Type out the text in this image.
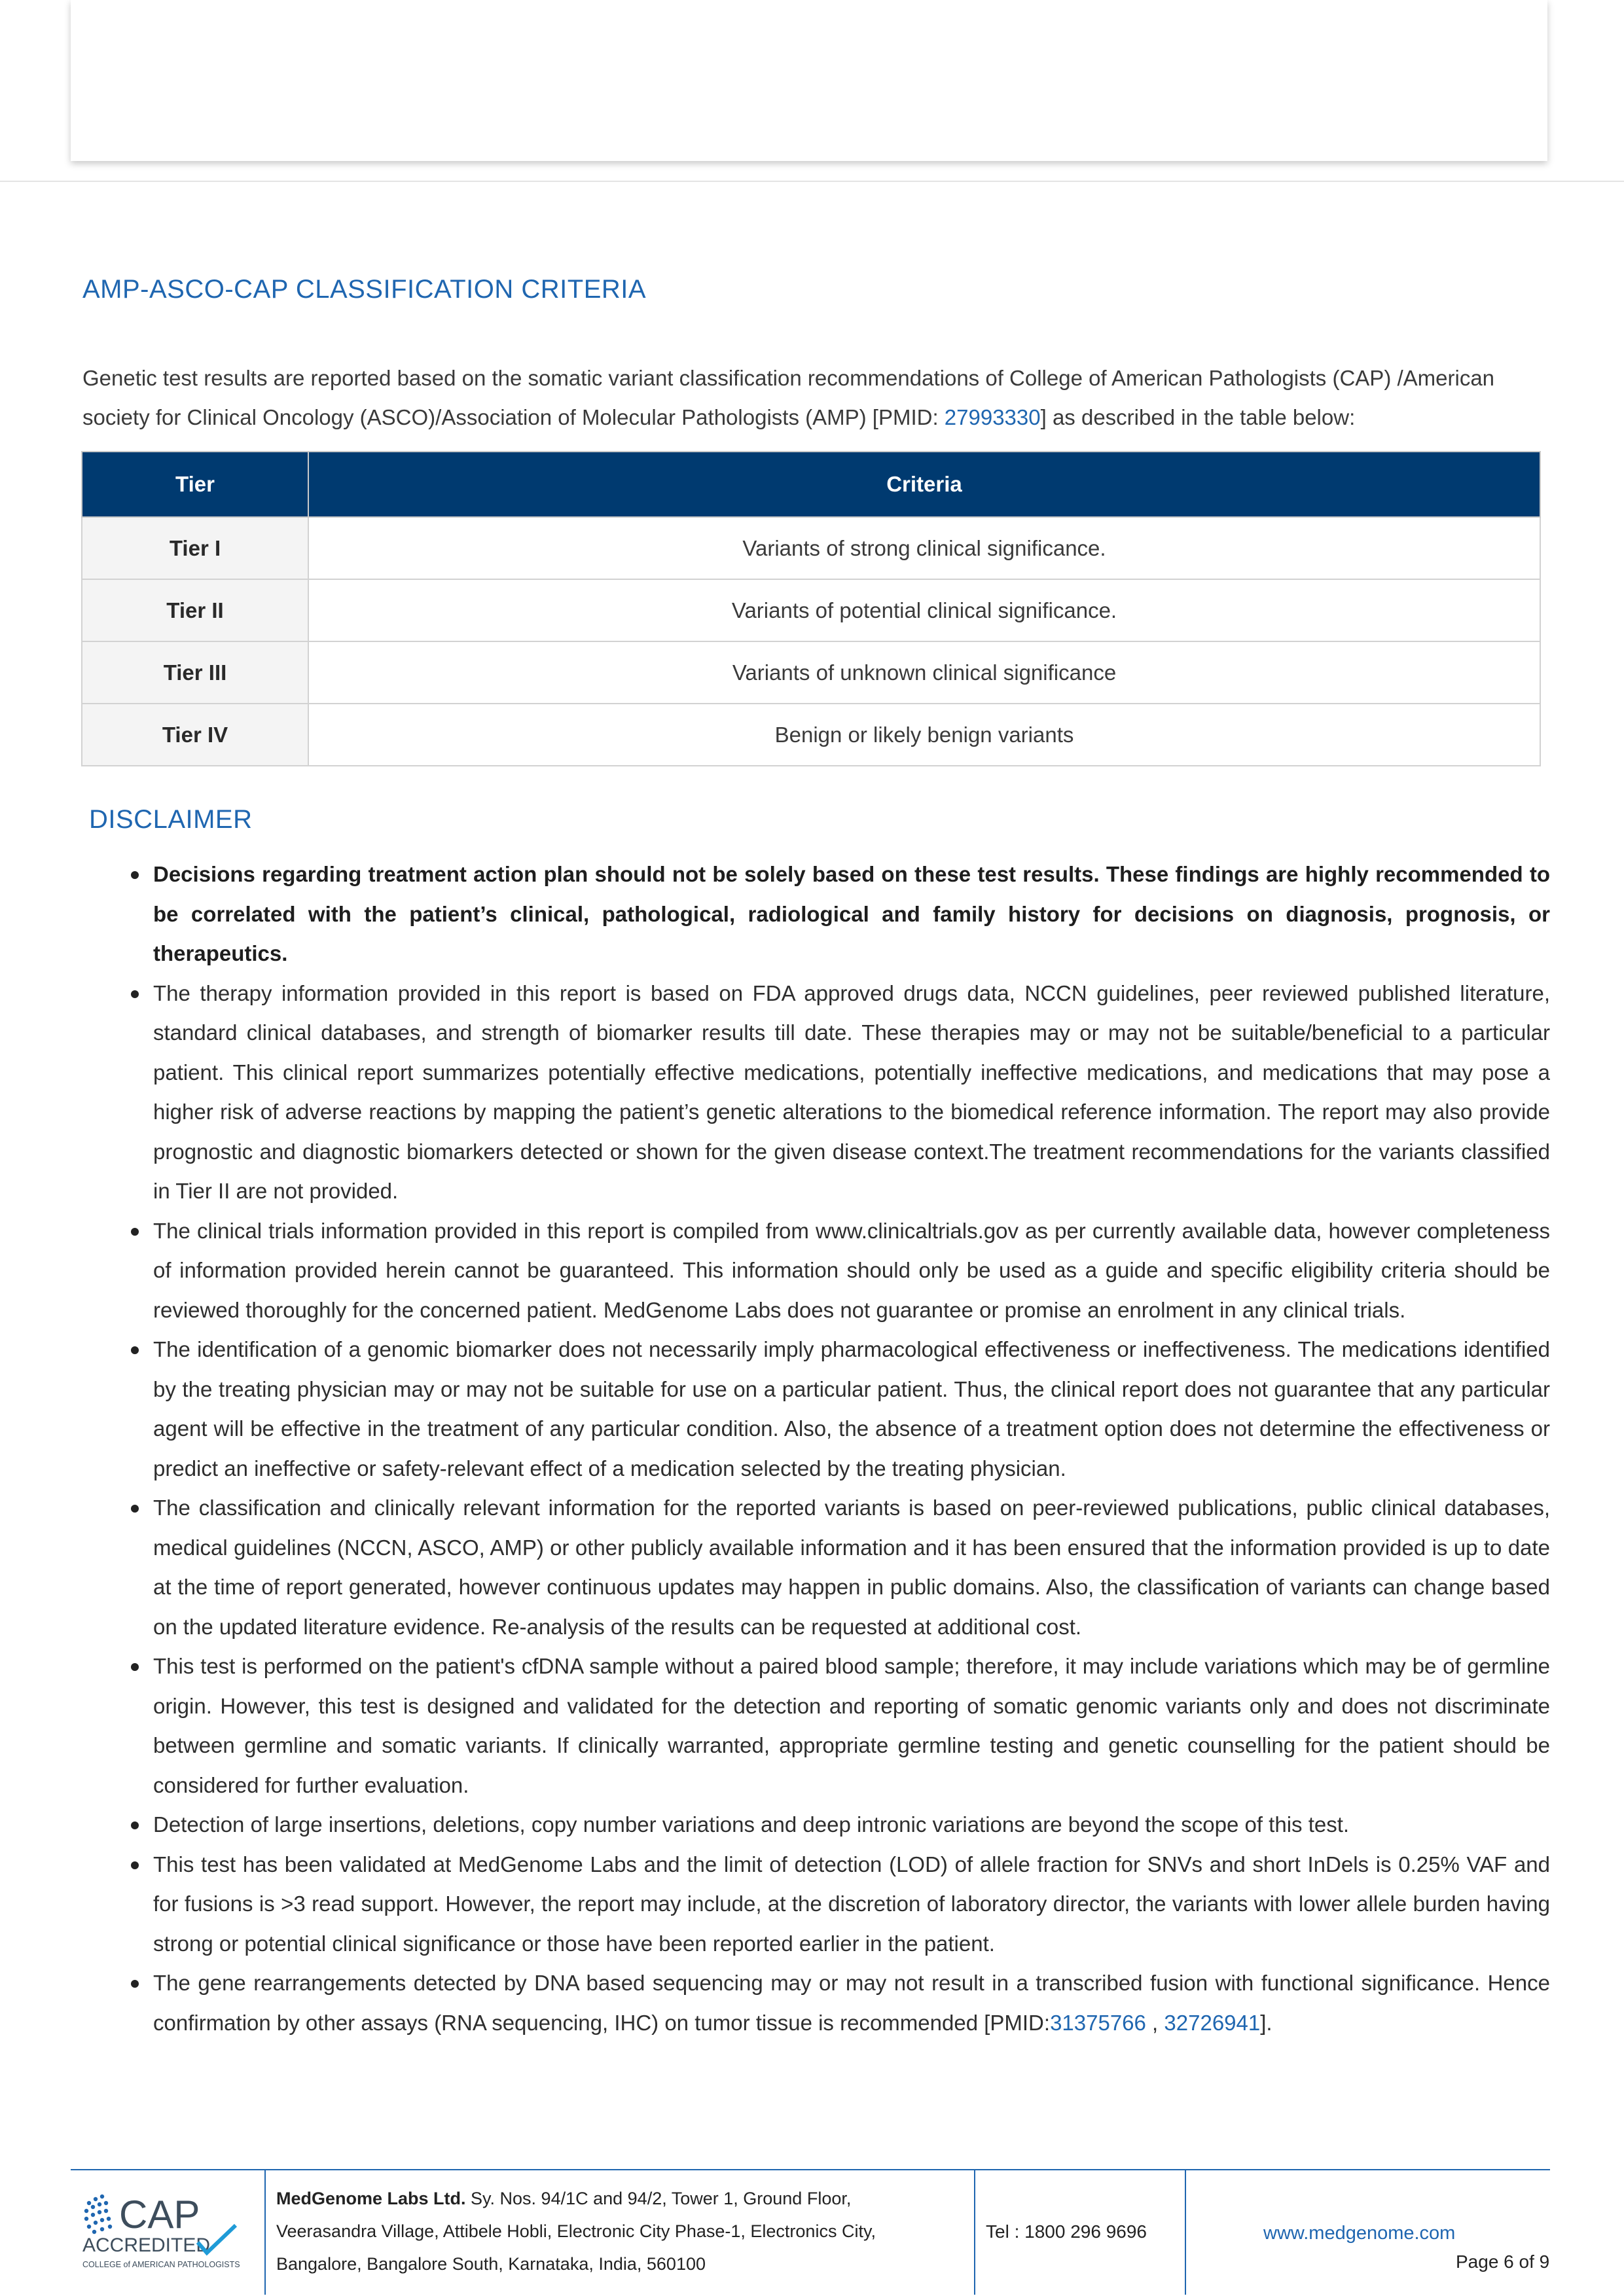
AMP-ASCO-CAP CLASSIFICATION CRITERIA

Genetic test results are reported based on the somatic variant classification recommendations of College of American Pathologists (CAP) /American society for Clinical Oncology (ASCO)/Association of Molecular Pathologists (AMP) [PMID: 27993330] as described in the table below:

Tier	Criteria
Tier I	Variants of strong clinical significance.
Tier II	Variants of potential clinical significance.
Tier III	Variants of unknown clinical significance
Tier IV	Benign or likely benign variants
DISCLAIMER
Decisions regarding treatment action plan should not be solely based on these test results. These findings are highly recommended to be correlated with the patient’s clinical, pathological, radiological and family history for decisions on diagnosis, prognosis, or therapeutics.
The therapy information provided in this report is based on FDA approved drugs data, NCCN guidelines, peer reviewed published literature, standard clinical databases, and strength of biomarker results till date. These therapies may or may not be suitable/beneficial to a particular patient. This clinical report summarizes potentially effective medications, potentially ineffective medications, and medications that may pose a higher risk of adverse reactions by mapping the patient’s genetic alterations to the biomedical reference information. The report may also provide prognostic and diagnostic biomarkers detected or shown for the given disease context.The treatment recommendations for the variants classified in Tier II are not provided.
The clinical trials information provided in this report is compiled from www.clinicaltrials.gov as per currently available data, however completeness of information provided herein cannot be guaranteed. This information should only be used as a guide and specific eligibility criteria should be reviewed thoroughly for the concerned patient. MedGenome Labs does not guarantee or promise an enrolment in any clinical trials.
The identification of a genomic biomarker does not necessarily imply pharmacological effectiveness or ineffectiveness. The medications identified by the treating physician may or may not be suitable for use on a particular patient. Thus, the clinical report does not guarantee that any particular agent will be effective in the treatment of any particular condition. Also, the absence of a treatment option does not determine the effectiveness or predict an ineffective or safety-relevant effect of a medication selected by the treating physician.
The classification and clinically relevant information for the reported variants is based on peer-reviewed publications, public clinical databases, medical guidelines (NCCN, ASCO, AMP) or other publicly available information and it has been ensured that the information provided is up to date at the time of report generated, however continuous updates may happen in public domains. Also, the classification of variants can change based on the updated literature evidence. Re-analysis of the results can be requested at additional cost.
This test is performed on the patient's cfDNA sample without a paired blood sample; therefore, it may include variations which may be of germline origin. However, this test is designed and validated for the detection and reporting of somatic genomic variants only and does not discriminate between germline and somatic variants. If clinically warranted, appropriate germline testing and genetic counselling for the patient should be considered for further evaluation.
Detection of large insertions, deletions, copy number variations and deep intronic variations are beyond the scope of this test.
This test has been validated at MedGenome Labs and the limit of detection (LOD) of allele fraction for SNVs and short InDels is 0.25% VAF and for fusions is >3 read support. However, the report may include, at the discretion of laboratory director, the variants with lower allele burden having strong or potential clinical significance or those have been reported earlier in the patient.
The gene rearrangements detected by DNA based sequencing may or may not result in a transcribed fusion with functional significance. Hence confirmation by other assays (RNA sequencing, IHC) on tumor tissue is recommended [PMID:31375766 , 32726941].
CAP
ACCREDITED
COLLEGE of AMERICAN PATHOLOGISTS
MedGenome Labs Ltd. Sy. Nos. 94/1C and 94/2, Tower 1, Ground Floor,
Veerasandra Village, Attibele Hobli, Electronic City Phase-1, Electronics City,
Bangalore, Bangalore South, Karnataka, India, 560100
Tel : 1800 296 9696	www.medgenome.com
Page 6 of 9
